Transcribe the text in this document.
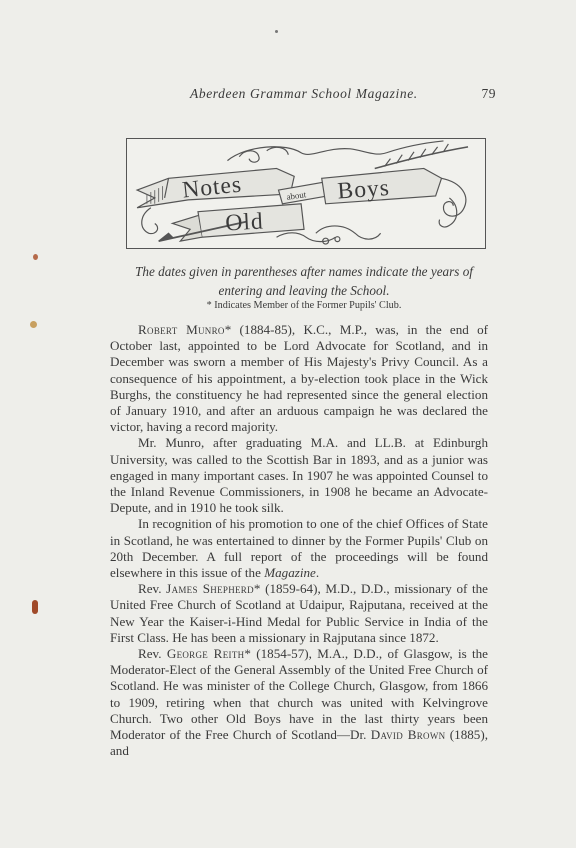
Aberdeen Grammar School Magazine.	79
Notes	about Boys
Old
The dates given in parentheses after names indicate the years of
entering and leaving the School.
* Indicates Member of the Former Pupils' Club.

Robert Munro* (1884-85), K.C., M.P., was, in the end of October last, appointed to be Lord Advocate for Scotland, and in December was sworn a member of His Majesty's Privy Council. As a consequence of his appointment, a by-election took place in the Wick Burghs, the constituency he had represented since the general election of January 1910, and after an arduous campaign he was declared the victor, having a record majority.

Mr. Munro, after graduating M.A. and LL.B. at Edinburgh University, was called to the Scottish Bar in 1893, and as a junior was engaged in many important cases. In 1907 he was appointed Counsel to the Inland Revenue Commissioners, in 1908 he became an Advocate-Depute, and in 1910 he took silk.

In recognition of his promotion to one of the chief Offices of State in Scotland, he was entertained to dinner by the Former Pupils' Club on 20th December. A full report of the proceedings will be found elsewhere in this issue of the Magazine.

Rev. James Shepherd* (1859-64), M.D., D.D., missionary of the United Free Church of Scotland at Udaipur, Rajputana, received at the New Year the Kaiser-i-Hind Medal for Public Service in India of the First Class. He has been a missionary in Rajputana since 1872.

Rev. George Reith* (1854-57), M.A., D.D., of Glasgow, is the Moderator-Elect of the General Assembly of the United Free Church of Scotland. He was minister of the College Church, Glasgow, from 1866 to 1909, retiring when that church was united with Kelvingrove Church. Two other Old Boys have in the last thirty years been Moderator of the Free Church of Scotland—Dr. David Brown (1885), and
